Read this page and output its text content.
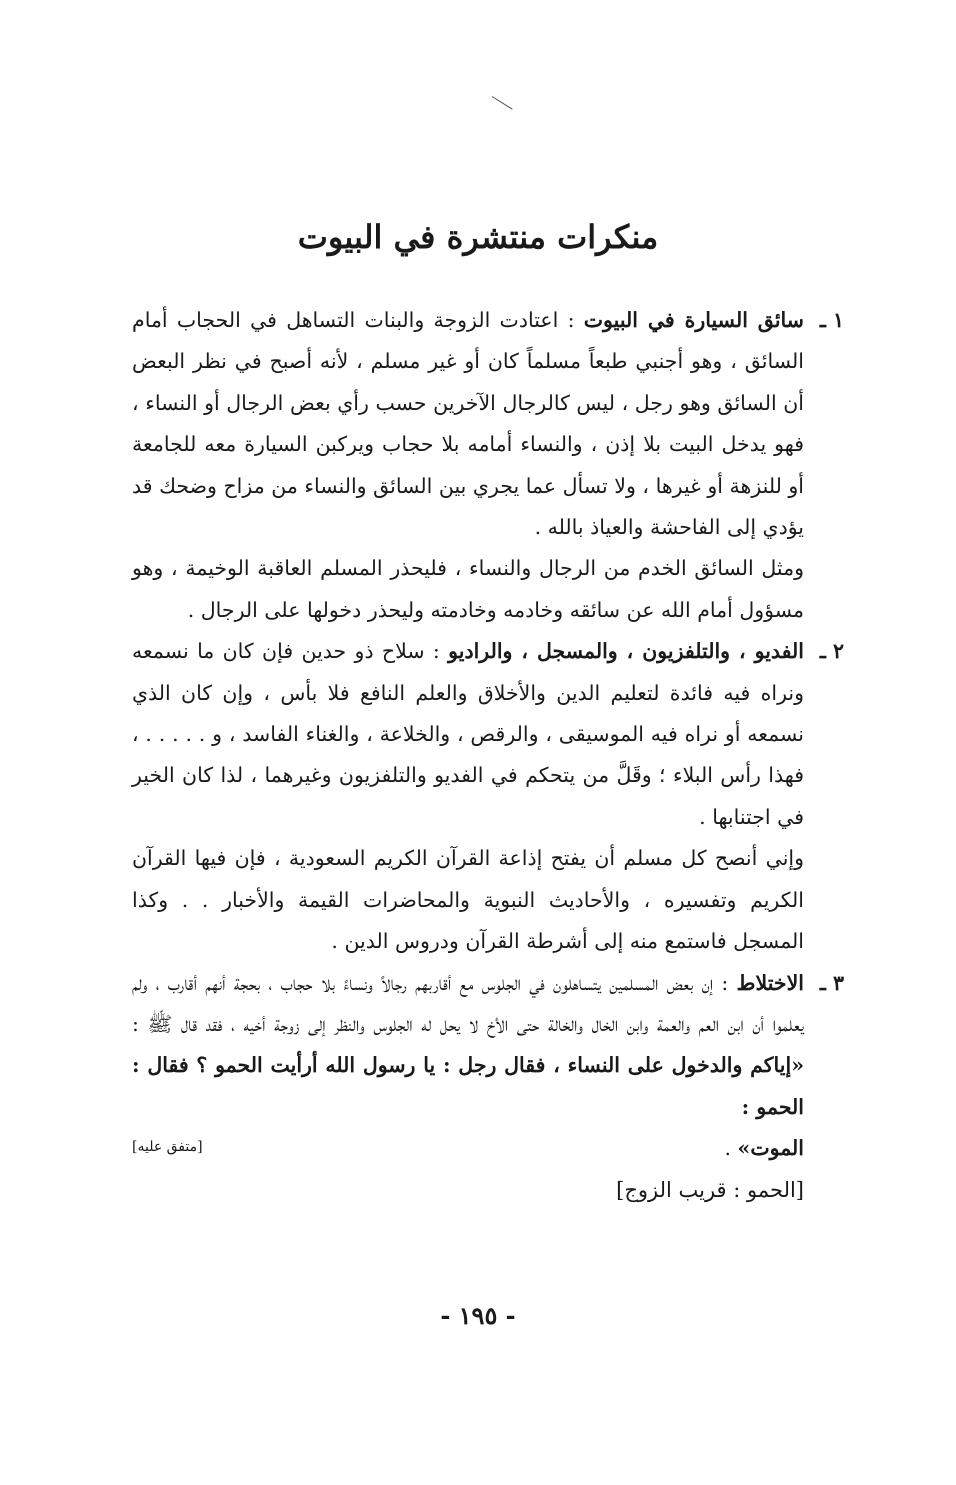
منكرات منتشرة في البيوت

١ ـ
سائق السيارة في البيوت : اعتادت الزوجة والبنات التساهل في الحجاب أمام السائق ، وهو أجنبي طبعاً مسلماً كان أو غير مسلم ، لأنه أصبح في نظر البعض أن السائق وهو رجل ، ليس كالرجال الآخرين حسب رأي بعض الرجال أو النساء ، فهو يدخل البيت بلا إذن ، والنساء أمامه بلا حجاب ويركبن السيارة معه للجامعة أو للنزهة أو غيرها ، ولا تسأل عما يجري بين السائق والنساء من مزاح وضحك قد يؤدي إلى الفاحشة والعياذ بالله .

ومثل السائق الخدم من الرجال والنساء ، فليحذر المسلم العاقبة الوخيمة ، وهو مسؤول أمام الله عن سائقه وخادمه وخادمته وليحذر دخولها على الرجال .

٢ ـ
الفديو ، والتلفزيون ، والمسجل ، والراديو : سلاح ذو حدين فإن كان ما نسمعه ونراه فيه فائدة لتعليم الدين والأخلاق والعلم النافع فلا بأس ، وإن كان الذي نسمعه أو نراه فيه الموسيقى ، والرقص ، والخلاعة ، والغناء الفاسد ، و . . . . . ، فهذا رأس البلاء ؛ وقَلَّ من يتحكم في الفديو والتلفزيون وغيرهما ، لذا كان الخير في اجتنابها .

وإني أنصح كل مسلم أن يفتح إذاعة القرآن الكريم السعودية ، فإن فيها القرآن الكريم وتفسيره ، والأحاديث النبوية والمحاضرات القيمة والأخبار . . وكذا المسجل فاستمع منه إلى أشرطة القرآن ودروس الدين .

٣ ـ
الاختلاط : إن بعض المسلمين يتساهلون في الجلوس مع أقاربهم رجالاً ونساءً بلا حجاب ، بحجة أنهم أقارب ، ولم يعلموا أن ابن العم والعمة وابن الخال والخالة حتى الأخ لا يحل له الجلوس والنظر إلى زوجة أخيه ، فقد قال ﷺ : «إياكم والدخول على النساء ، فقال رجل : يا رسول الله أرأيت الحمو ؟ فقال : الحمو :

الموت» .
[متفق عليه]

[الحمو : قريب الزوج]

- ١٩٥ -
